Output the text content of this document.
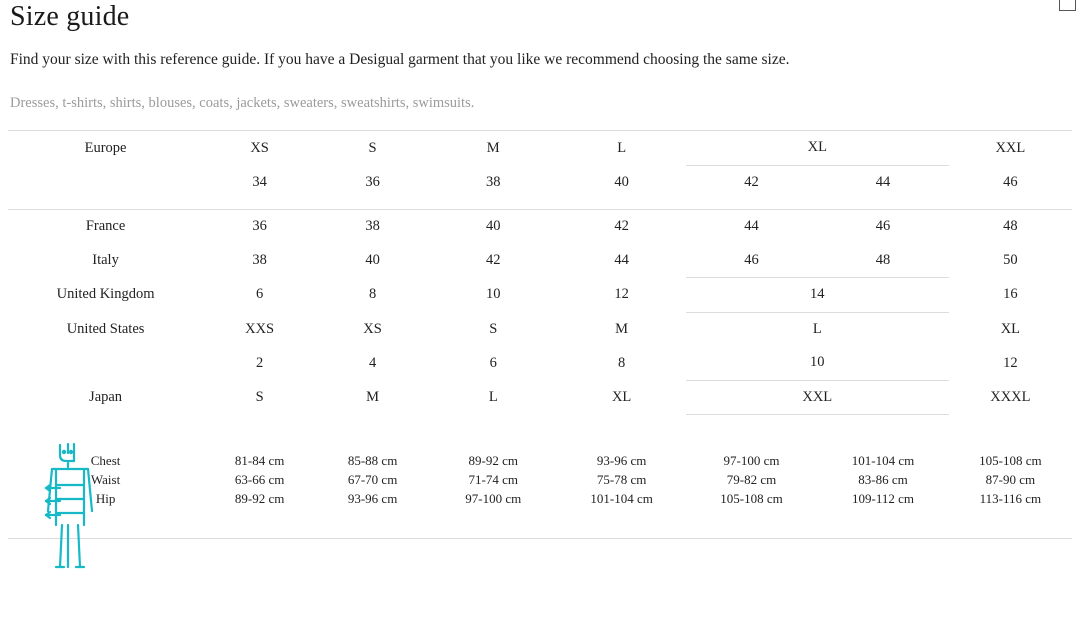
Size guide

Find your size with this reference guide. If you have a Desigual garment that you like we recommend choosing the same size.

Dresses, t-shirts, shirts, blouses, coats, jackets, sweaters, sweatshirts, swimsuits.

Europe	XS	S	M	L	XL		XXL
	34	36	38	40	42	44	46

France	36	38	40	42	44	46	48
Italy	38	40	42	44	46	48	50
United Kingdom	6	8	10	12	14		16
United States	XXS	XS	S	M	L		XL
	2	4	6	8	10		12
Japan	S	M	L	XL	XXL		XXXL

Chest	81-84 cm	85-88 cm	89-92 cm	93-96 cm	97-100 cm	101-104 cm	105-108 cm
Waist	63-66 cm	67-70 cm	71-74 cm	75-78 cm	79-82 cm	83-86 cm	87-90 cm
Hip	89-92 cm	93-96 cm	97-100 cm	101-104 cm	105-108 cm	109-112 cm	113-116 cm
